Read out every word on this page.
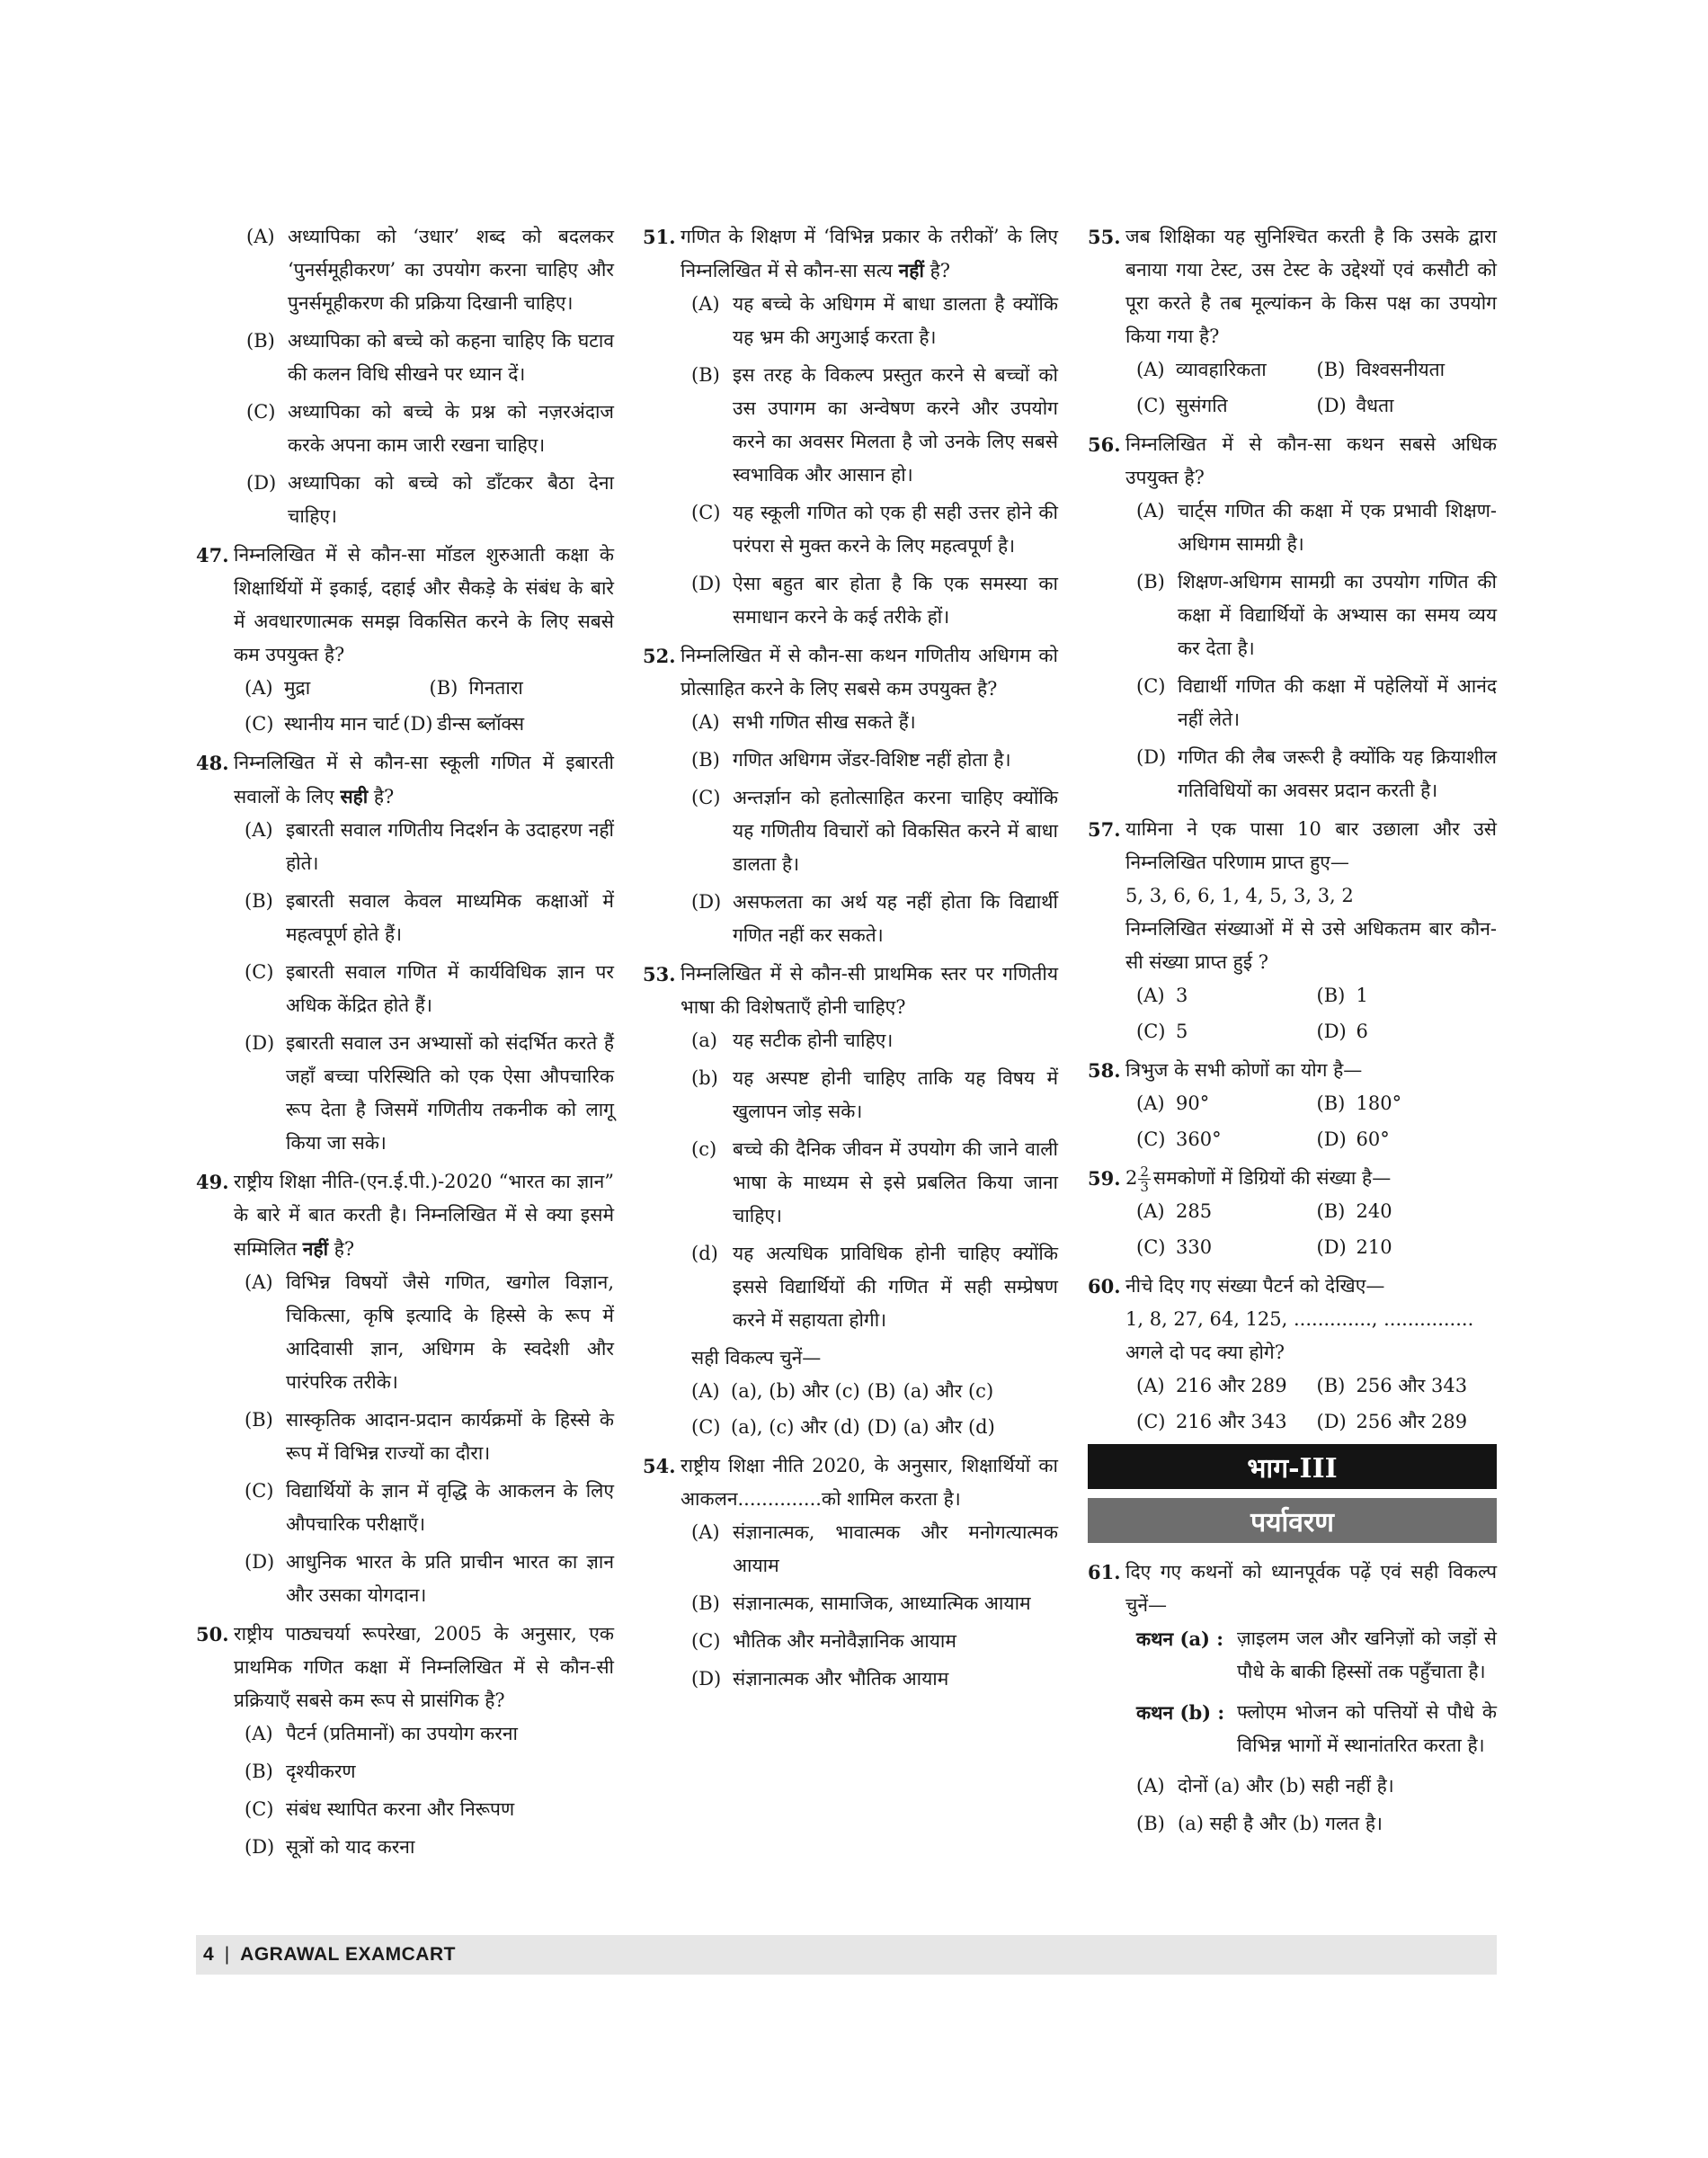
(A) अध्यापिका को ‘उधार’ शब्द को बदलकर ‘पुनर्समूहीकरण’ का उपयोग करना चाहिए और पुनर्समूहीकरण की प्रक्रिया दिखानी चाहिए।
(B) अध्यापिका को बच्चे को कहना चाहिए कि घटाव की कलन विधि सीखने पर ध्यान दें।
(C) अध्यापिका को बच्चे के प्रश्न को नज़रअंदाज करके अपना काम जारी रखना चाहिए।
(D) अध्यापिका को बच्चे को डाँटकर बैठा देना चाहिए।
47. निम्नलिखित में से कौन-सा मॉडल शुरुआती कक्षा के शिक्षार्थियों में इकाई, दहाई और सैकड़े के संबंध के बारे में अवधारणात्मक समझ विकसित करने के लिए सबसे कम उपयुक्त है?
(A) मुद्रा	(B) गिनतारा
(C) स्थानीय मान चार्ट (D) डीन्स ब्लॉक्स
48. निम्नलिखित में से कौन-सा स्कूली गणित में इबारती सवालों के लिए सही है?
(A) इबारती सवाल गणितीय निदर्शन के उदाहरण नहीं होते।
(B) इबारती सवाल केवल माध्यमिक कक्षाओं में महत्वपूर्ण होते हैं।
(C) इबारती सवाल गणित में कार्यविधिक ज्ञान पर अधिक केंद्रित होते हैं।
(D) इबारती सवाल उन अभ्यासों को संदर्भित करते हैं जहाँ बच्चा परिस्थिति को एक ऐसा औपचारिक रूप देता है जिसमें गणितीय तकनीक को लागू किया जा सके।
49. राष्ट्रीय शिक्षा नीति-(एन.ई.पी.)-2020 “भारत का ज्ञान” के बारे में बात करती है। निम्नलिखित में से क्या इसमे सम्मिलित नहीं है?
(A) विभिन्न विषयों जैसे गणित, खगोल विज्ञान, चिकित्सा, कृषि इत्यादि के हिस्से के रूप में आदिवासी ज्ञान, अधिगम के स्वदेशी और पारंपरिक तरीके।
(B) सास्कृतिक आदान-प्रदान कार्यक्रमों के हिस्से के रूप में विभिन्न राज्यों का दौरा।
(C) विद्यार्थियों के ज्ञान में वृद्धि के आकलन के लिए औपचारिक परीक्षाएँ।
(D) आधुनिक भारत के प्रति प्राचीन भारत का ज्ञान और उसका योगदान।
50. राष्ट्रीय पाठ्यचर्या रूपरेखा, 2005 के अनुसार, एक प्राथमिक गणित कक्षा में निम्नलिखित में से कौन-सी प्रक्रियाएँ सबसे कम रूप से प्रासंगिक है?
(A) पैटर्न (प्रतिमानों) का उपयोग करना
(B) दृश्यीकरण
(C) संबंध स्थापित करना और निरूपण
(D) सूत्रों को याद करना
51. गणित के शिक्षण में ‘विभिन्न प्रकार के तरीकों’ के लिए निम्नलिखित में से कौन-सा सत्य नहीं है?
(A) यह बच्चे के अधिगम में बाधा डालता है क्योंकि यह भ्रम की अगुआई करता है।
(B) इस तरह के विकल्प प्रस्तुत करने से बच्चों को उस उपागम का अन्वेषण करने और उपयोग करने का अवसर मिलता है जो उनके लिए सबसे स्वभाविक और आसान हो।
(C) यह स्कूली गणित को एक ही सही उत्तर होने की परंपरा से मुक्त करने के लिए महत्वपूर्ण है।
(D) ऐसा बहुत बार होता है कि एक समस्या का समाधान करने के कई तरीके हों।
52. निम्नलिखित में से कौन-सा कथन गणितीय अधिगम को प्रोत्साहित करने के लिए सबसे कम उपयुक्त है?
(A) सभी गणित सीख सकते हैं।
(B) गणित अधिगम जेंडर-विशिष्ट नहीं होता है।
(C) अन्तर्ज्ञान को हतोत्साहित करना चाहिए क्योंकि यह गणितीय विचारों को विकसित करने में बाधा डालता है।
(D) असफलता का अर्थ यह नहीं होता कि विद्यार्थी गणित नहीं कर सकते।
53. निम्नलिखित में से कौन-सी प्राथमिक स्तर पर गणितीय भाषा की विशेषताएँ होनी चाहिए?
(a) यह सटीक होनी चाहिए।
(b) यह अस्पष्ट होनी चाहिए ताकि यह विषय में खुलापन जोड़ सके।
(c) बच्चे की दैनिक जीवन में उपयोग की जाने वाली भाषा के माध्यम से इसे प्रबलित किया जाना चाहिए।
(d) यह अत्यधिक प्राविधिक होनी चाहिए क्योंकि इससे विद्यार्थियों की गणित में सही सम्प्रेषण करने में सहायता होगी।
सही विकल्प चुनें—
(A) (a), (b) और (c) (B) (a) और (c)
(C) (a), (c) और (d) (D) (a) और (d)
54. राष्ट्रीय शिक्षा नीति 2020, के अनुसार, शिक्षार्थियों का आकलन..............को शामिल करता है।
(A) संज्ञानात्मक, भावात्मक और मनोगत्यात्मक आयाम
(B) संज्ञानात्मक, सामाजिक, आध्यात्मिक आयाम
(C) भौतिक और मनोवैज्ञानिक आयाम
(D) संज्ञानात्मक और भौतिक आयाम
55. जब शिक्षिका यह सुनिश्चित करती है कि उसके द्वारा बनाया गया टेस्ट, उस टेस्ट के उद्देश्यों एवं कसौटी को पूरा करते है तब मूल्यांकन के किस पक्ष का उपयोग किया गया है?
(A) व्यावहारिकता	(B) विश्वसनीयता
(C) सुसंगति	(D) वैधता
56. निम्नलिखित में से कौन-सा कथन सबसे अधिक उपयुक्त है?
(A) चार्ट्स गणित की कक्षा में एक प्रभावी शिक्षण-अधिगम सामग्री है।
(B) शिक्षण-अधिगम सामग्री का उपयोग गणित की कक्षा में विद्यार्थियों के अभ्यास का समय व्यय कर देता है।
(C) विद्यार्थी गणित की कक्षा में पहेलियों में आनंद नहीं लेते।
(D) गणित की लैब जरूरी है क्योंकि यह क्रियाशील गतिविधियों का अवसर प्रदान करती है।
57. यामिना ने एक पासा 10 बार उछाला और उसे निम्नलिखित परिणाम प्राप्त हुए—
5, 3, 6, 6, 1, 4, 5, 3, 3, 2
निम्नलिखित संख्याओं में से उसे अधिकतम बार कौन-सी संख्या प्राप्त हुई ?
(A) 3	(B) 1
(C) 5	(D) 6
58. त्रिभुज के सभी कोणों का योग है—
(A) 90°	(B) 180°
(C) 360°	(D) 60°
59. $2 \frac{2}{3}$ समकोणों में डिग्रियों की संख्या है—
(A) 285	(B) 240
(C) 330	(D) 210
60. नीचे दिए गए संख्या पैटर्न को देखिए—
1, 8, 27, 64, 125, ............., ...............
अगले दो पद क्या होगे?
(A) 216 और 289 (B) 256 और 343
(C) 216 और 343 (D) 256 और 289
भाग-III
पर्यावरण
61. दिए गए कथनों को ध्यानपूर्वक पढ़ें एवं सही विकल्प चुनें—
कथन (a) : ज़ाइलम जल और खनिज़ों को जड़ों से पौधे के बाकी हिस्सों तक पहुँचाता है।
कथन (b) : फ्लोएम भोजन को पत्तियों से पौधे के विभिन्न भागों में स्थानांतरित करता है।
(A) दोनों (a) और (b) सही नहीं है।
(B) (a) सही है और (b) गलत है।
4 | AGRAWAL EXAMCART
